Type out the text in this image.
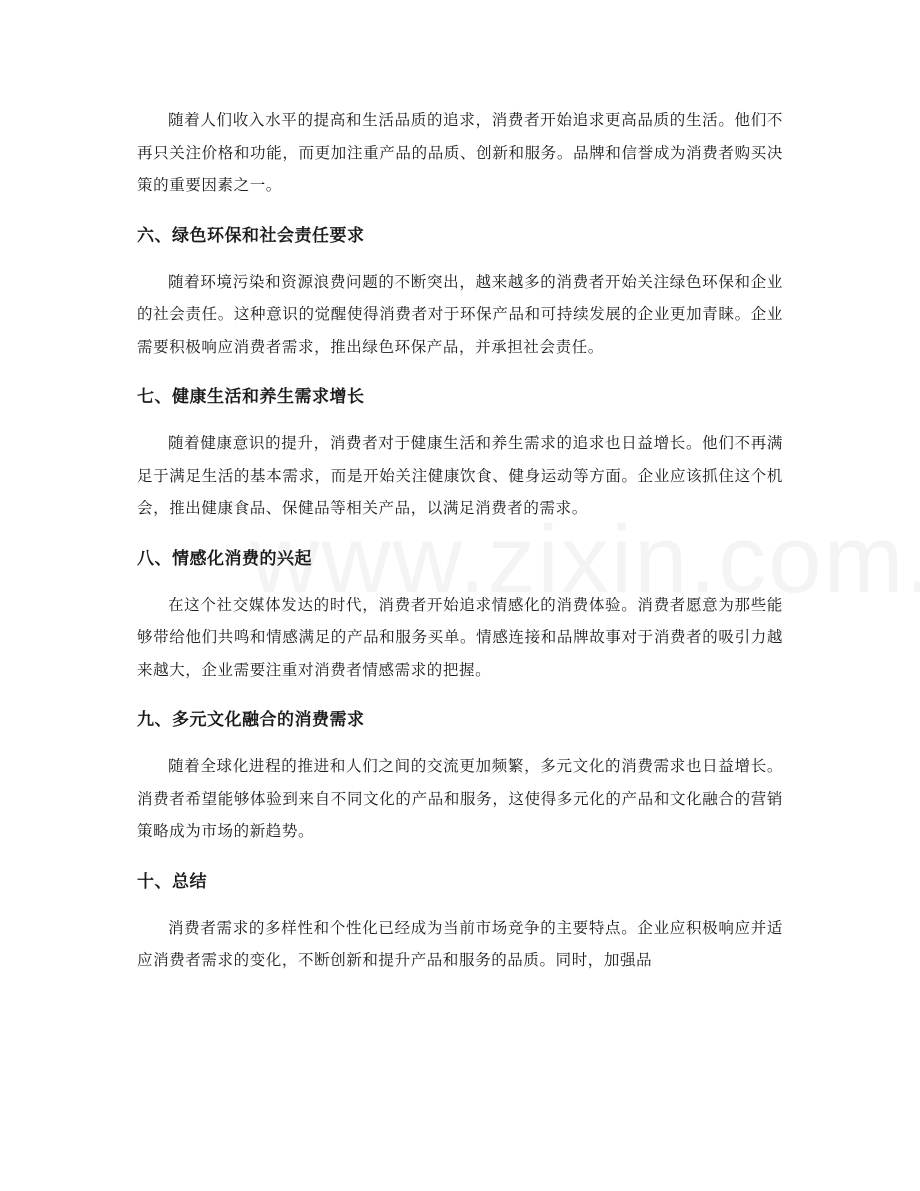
随着人们收入水平的提高和生活品质的追求，消费者开始追求更高品质的生活。他们不再只关注价格和功能，而更加注重产品的品质、创新和服务。品牌和信誉成为消费者购买决策的重要因素之一。

六、绿色环保和社会责任要求

随着环境污染和资源浪费问题的不断突出，越来越多的消费者开始关注绿色环保和企业的社会责任。这种意识的觉醒使得消费者对于环保产品和可持续发展的企业更加青睐。企业需要积极响应消费者需求，推出绿色环保产品，并承担社会责任。

七、健康生活和养生需求增长

随着健康意识的提升，消费者对于健康生活和养生需求的追求也日益增长。他们不再满足于满足生活的基本需求，而是开始关注健康饮食、健身运动等方面。企业应该抓住这个机会，推出健康食品、保健品等相关产品，以满足消费者的需求。

八、情感化消费的兴起

在这个社交媒体发达的时代，消费者开始追求情感化的消费体验。消费者愿意为那些能够带给他们共鸣和情感满足的产品和服务买单。情感连接和品牌故事对于消费者的吸引力越来越大，企业需要注重对消费者情感需求的把握。

九、多元文化融合的消费需求

随着全球化进程的推进和人们之间的交流更加频繁，多元文化的消费需求也日益增长。消费者希望能够体验到来自不同文化的产品和服务，这使得多元化的产品和文化融合的营销策略成为市场的新趋势。

十、总结

消费者需求的多样性和个性化已经成为当前市场竞争的主要特点。企业应积极响应并适应消费者需求的变化，不断创新和提升产品和服务的品质。同时，加强品
